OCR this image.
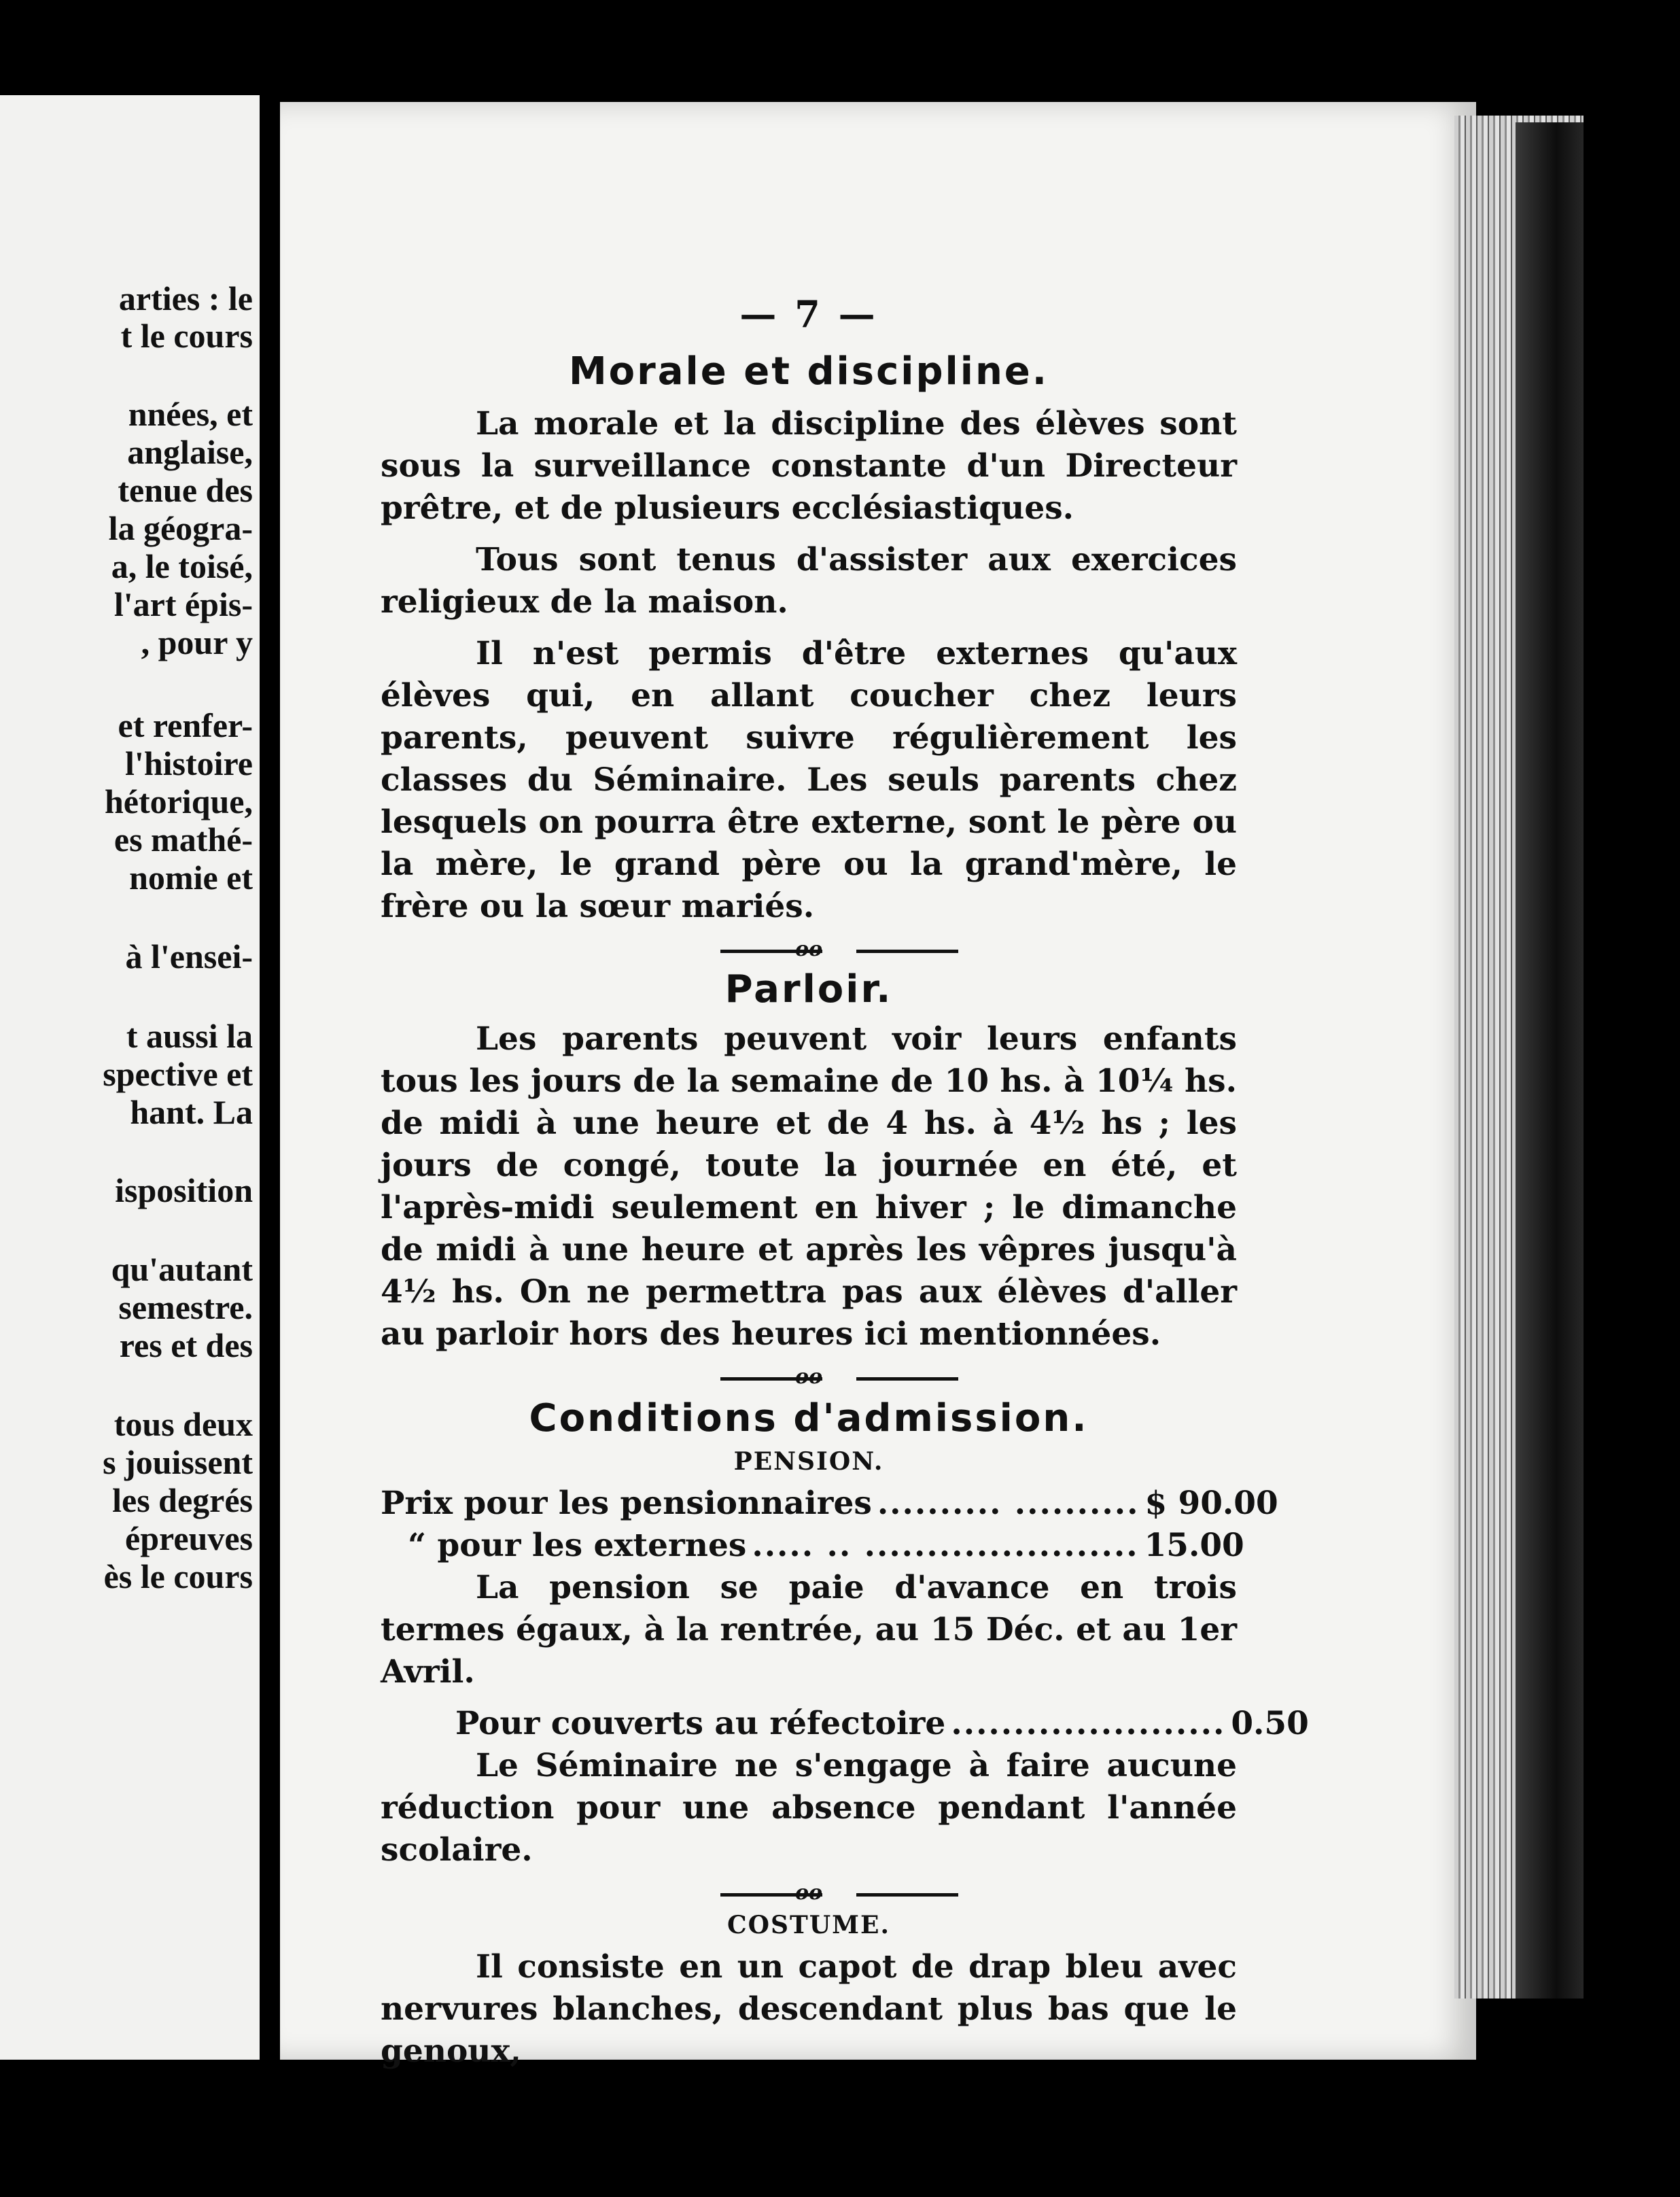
arties : le
t le cours
nnées, et
anglaise,
tenue des
la géogra-
a, le toisé,
l'art épis-
, pour y
et renfer-
l'histoire
hétorique,
es mathé-
nomie et
à l'ensei-
t aussi la
spective et
hant. La
isposition
qu'autant
semestre.
res et des
tous deux
s jouissent
les degrés
épreuves
ès le cours
— 7 —
Morale et discipline.

La morale et la discipline des élèves sont sous la surveillance constante d'un Directeur prêtre, et de plusieurs ecclésiastiques.

Tous sont tenus d'assister aux exercices religieux de la maison.

Il n'est permis d'être externes qu'aux élèves qui, en allant coucher chez leurs parents, peuvent suivre régulièrement les classes du Séminaire. Les seuls parents chez lesquels on pourra être externe, sont le père ou la mère, le grand père ou la grand'mère, le frère ou la sœur mariés.

Parloir.

Les parents peuvent voir leurs enfants tous les jours de la semaine de 10 hs. à 10¼ hs. de midi à une heure et de 4 hs. à 4½ hs ; les jours de congé, toute la journée en été, et l'après-midi seulement en hiver ; le dimanche de midi à une heure et après les vêpres jusqu'à 4½ hs. On ne permettra pas aux élèves d'aller au parloir hors des heures ici mentionnées.

Conditions d'admission.
PENSION.
Prix pour les pensionnaires .......... .......... $ 90.00
“ pour les externes ..... .. ...................... 15.00

La pension se paie d'avance en trois termes égaux, à la rentrée, au 15 Déc. et au 1er Avril.

Pour couverts au réfectoire ...................... 0.50

Le Séminaire ne s'engage à faire aucune réduction pour une absence pendant l'année scolaire.

COSTUME.

Il consiste en un capot de drap bleu avec nervures blanches, descendant plus bas que le genoux,
